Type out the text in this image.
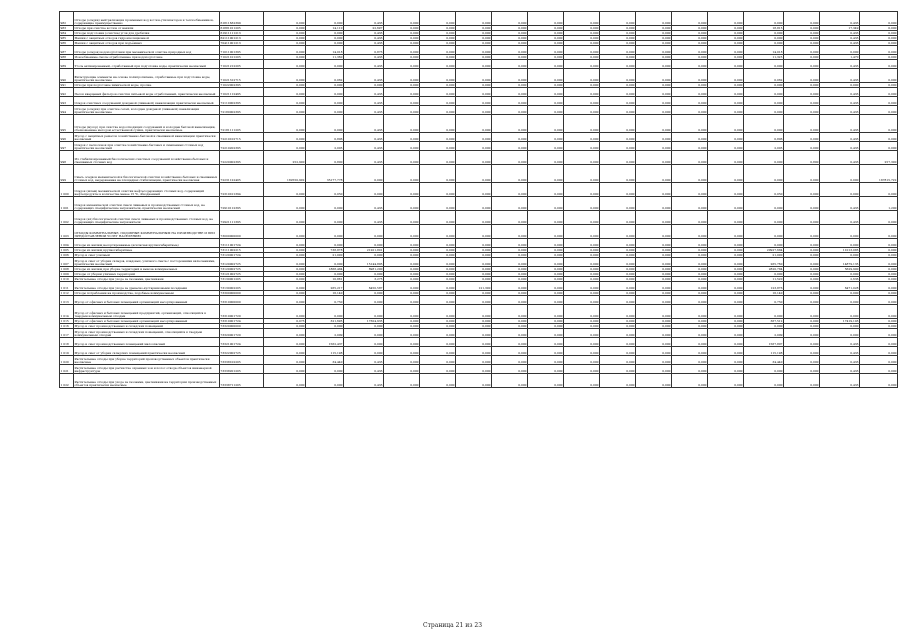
982	Отходы (осадки) нейтрализации промывных вод котлов-утилизаторов и теплообменников, содержащие преимущественно	61811632399	0,000	0,000	0,433	0,000	0,000	0,000	0,000	0,000	0,000	0,000	0,000	0,000	0,000	0,000	0,000	0,433	0,000
983	Отходы при очистке котлов от накипи	61881011205	0,000	14,110	22,697	0,000	0,000	0,000	0,000	0,000	0,000	0,000	0,000	0,000	0,000	18,815	0,000	17,349	0,000
984	Отходы подготовки (очистка) угля для дробилки	61911111213	0,000	0,000	0,433	0,000	0,000	0,000	0,000	0,000	0,000	0,000	0,000	0,000	0,000	0,000	0,000	0,433	0,000
985	Мешки с защитных отходов гидроизоляционной	62111001213	0,000	0,000	0,433	0,000	0,000	0,000	0,000	0,000	0,000	0,000	0,000	0,000	0,000	0,000	0,000	0,433	0,000
986	Мешки с защитных отходов при подъёмных	70411001213	0,000	0,000	0,433	0,000	0,000	0,000	0,000	0,000	0,000	0,000	0,000	0,000	0,000	0,000	0,000	0,433	0,000
987	Отходы (осадок) водоподготовки при механической очистке природных вод	71011001395	0,000	14,018	0,873	0,000	0,000	0,000	0,000	0,000	0,000	0,000	0,000	0,000	0,000	14,018	0,000	0,000	0,000
988	Ионообменные смолы отработанные при водоподготовке	71021101205	0,000	11,360	0,433	0,000	0,000	0,000	0,000	0,000	0,000	0,000	0,000	0,000	0,000	11,325	0,000	1,470	0,000
989	Уголь активированный, отработанный при подготовке воды, практически неопасный	71021212205	0,000	0,000	0,433	0,000	0,000	0,000	0,000	0,000	0,000	0,000	0,000	0,000	0,000	0,000	0,000	0,433	0,000
990	Фильтрующие элементы на основе полипропилена, отработанные при подготовке воды, практически неопасные	71021312715	0,000	0,062	0,433	0,000	0,000	0,000	0,000	0,000	0,000	0,000	0,000	0,000	0,000	0,062	0,000	0,433	0,000
991	Отходы при подготовке химической воды, прочие	71022002395	0,000	0,000	0,000	0,000	0,000	0,000	0,000	0,000	0,000	0,000	0,000	0,000	0,000	0,000	0,000	0,000	0,000
992	Песок кварцевый фильтров очистки питьевой воды отработанный, практически неопасный	71021112495	0,000	0,000	0,433	0,000	0,000	0,000	0,000	0,000	0,000	0,000	0,000	0,000	0,000	0,000	0,000	0,433	0,000
993	Осадок очистных сооружений дождевой (ливневой) канализации практически неопасный	72110002395	0,000	0,000	0,433	0,000	0,000	0,000	0,000	0,000	0,000	0,000	0,000	0,000	0,000	0,000	0,000	0,433	0,000
994	Отходы (осадки) при очистке сетей, колодцев дождевой (ливневой) канализации практически неопасные	72180002395	0,000	0,000	0,433	0,000	0,000	0,000	0,000	0,000	0,000	0,000	0,000	0,000	0,000	0,000	0,000	0,433	0,000
995	Отходы (мусор) при очистке водоотводящих сооружений и колодцев бытовой канализации, обезвоженные методом естественной сушки, практически неопасные	72181111205	0,000	0,000	0,433	0,000	0,000	0,000	0,000	0,000	0,000	0,000	0,000	0,000	0,000	0,000	0,000	0,433	0,000
996	Мусор с защитных решеток хозяйственно-бытовой и смешанной канализации практически неопасный	72210102715	0,000	0,806	0,433	0,000	0,000	0,000	0,000	0,000	0,000	0,000	0,000	0,000	0,000	0,806	0,000	0,433	0,000
997	Осадок с песколовок при очистке хозяйственно-бытовых и смешанных сточных вод практически неопасный	72210202395	0,000	2,005	0,433	0,000	0,000	0,000	0,000	0,000	0,000	0,000	0,000	0,000	0,000	2,005	0,000	0,433	0,000
998	Ил стабилизированный биологических очистных сооружений хозяйственно-бытовых и смешанных сточных вод	72220002395	252,900	0,800	0,433	0,000	0,000	0,000	0,000	0,000	0,000	0,000	0,000	0,000	0,000	0,000	0,800	0,433	257,300
999	Смесь осадков механической и биологической очистки хозяйственно-бытовых и смешанных сточных вод, выдержанная на площадках стабилизации, практически неопасная	72231122405	182550,902	35177,778	0,000	0,000	0,000	0,000	0,000	0,000	0,000	0,000	0,000	0,000	0,000	0,000	0,000	0,000	187815,722
1 000	Осадок (шлам) механической очистки нефтесодержащих сточных вод, содержащий нефтепродукты в количестве менее 15 %, обводненный	72310101394	0,000	0,050	0,000	0,000	0,000	0,000	0,000	0,000	0,000	0,000	0,000	0,000	0,000	0,050	0,000	0,000	0,000
1 001	Осадок механической очистки смеси ливневых и производственных сточных вод, не содержащих специфические загрязнители, практически неопасный	72910112395	0,000	0,000	0,433	0,000	0,000	0,000	0,000	0,000	0,000	0,000	0,000	0,000	0,000	0,000	0,000	0,433	1,200
1 002	Осадок (ил) биологической очистки смеси ливневых и производственных сточных вод, не содержащих специфические загрязнители	72921111395	0,000	0,000	0,433	0,000	0,000	0,000	0,000	0,000	0,000	0,000	0,000	0,000	0,000	0,000	0,000	0,433	0,000
1 003	ОТХОДЫ КОММУНАЛЬНЫЕ, ПОДОБНЫЕ КОММУНАЛЬНЫМ НА ПРОИЗВОДСТВЕ И ПРИ ПРЕДОСТАВЛЕНИИ УСЛУГ НАСЕЛЕНИЮ	73000000000	0,000	0,000	0,000	0,000	0,000	0,000	0,000	0,000	0,000	0,000	0,000	0,000	0,000	0,000	0,000	0,000	0,000
1 004	Отходы из жилищ несортированные (исключая крупногабаритные)	73111001724	0,000	0,000	0,000	0,000	0,000	0,000	0,000	0,000	0,000	0,000	0,000	0,000	0,000	0,000	0,000	0,000	0,000
1 005	Отходы из жилищ крупногабаритные	73111002215	0,000	738,878	21201,801	0,000	0,000	0,000	0,000	0,000	0,000	0,000	0,000	0,000	0,000	20927,684	0,000	11013,085	0,000
1 006	Мусор и смет уличный	73120001724	0,000	21,000	0,000	0,000	0,000	0,000	0,000	0,000	0,000	0,000	0,000	0,000	0,000	21,000	0,000	0,000	0,000
1 007	Мусор и смет от уборки складов, кладовых, уличного смета с посторонними включениями, практически неопасный	73120002725	0,000	0,000	15144,895	0,000	0,000	0,000	0,000	0,000	0,000	0,000	0,000	0,000	0,000	265,760	0,000	14879,135	0,000
1 008	Отходы из жилищ при уборке территорий и вывоза коммунальных	73120002725	0,000	1868,484	6981,200	0,000	0,000	0,000	0,000	0,000	0,000	0,000	0,000	0,000	0,000	2820,784	0,000	5629,900	0,000
1 009	Отходы от уборки уличных территорий	73121002725	0,000	0,000	0,000	0,000	0,000	0,000	0,000	0,000	0,000	0,000	0,000	0,000	0,000	0,000	0,000	0,000	0,000
1 010	Растительные отходы при уходе за газонами, цветниками	73130001205	0,000	10,881	3,275	0,000	0,000	0,000	0,000	0,000	0,000	0,000	0,000	0,000	0,000	11,520	0,000	2,636	0,000
1 011	Растительные отходы при уходе за древесно-кустарниковыми посадками	73130002205	0,000	265,217	6450,587	0,000	0,000	121,300	0,000	0,000	0,000	0,000	0,000	0,000	0,000	123,876	0,000	6471,028	0,000
1 012	Отходы потребления на производстве, подобные коммунальным	73300000000	0,000	16,140	0,000	0,000	0,000	0,000	0,000	0,000	0,000	0,000	0,000	0,000	0,000	16,140	0,000	0,000	0,000
1 013	Мусор от офисных и бытовых помещений организаций несортированный	73310000000	0,000	0,750	0,000	0,000	0,000	0,000	0,000	0,000	0,000	0,000	0,000	0,000	0,000	0,750	0,000	0,000	0,000
1 014	Мусор от офисных и бытовых помещений предприятий, организаций, относящийся к твердым коммунальным отходам	73310001720	0,000	0,000	0,000	0,000	0,000	0,000	0,000	0,000	0,000	0,000	0,000	0,000	0,000	0,000	0,000	0,000	0,000
1 015	Мусор от офисных и бытовых помещений организаций несортированный	73310001724	0,073	321,695	17304,935	0,000	0,000	0,000	0,000	0,000	0,000	0,000	0,000	0,000	0,000	367,512	0,000	17419,103	0,000
1 016	Мусор и смет производственных и складских помещений	73320000000	0,000	0,000	0,000	0,000	0,000	0,000	0,000	0,000	0,000	0,000	0,000	0,000	0,000	0,000	0,000	0,000	0,000
1 017	Мусор и смет производственных и складских помещений, относящийся к твердым коммунальным отходам	73320001720	0,000	2,099	0,000	0,000	0,000	0,000	0,000	0,000	0,000	0,000	0,000	0,000	0,000	2,099	0,000	0,000	0,000
1 018	Мусор и смет производственных помещений малоопасный	73321001724	0,000	1562,437	0,000	0,000	0,000	0,000	0,000	0,000	0,000	0,000	0,000	0,000	0,000	1567,807	0,000	0,433	0,000
1 019	Мусор и смет от уборки складских помещений практически неопасный	73322002725	0,000	115,198	0,000	0,000	0,000	0,000	0,000	0,000	0,000	0,000	0,000	0,000	0,000	115,198	0,000	0,433	0,000
1 020	Растительные отходы при уборке территорий производственных объектов практически неопасные	73338102205	0,000	34,440	0,433	0,000	0,000	0,000	0,000	0,000	0,000	0,000	0,000	0,000	0,000	34,440	0,000	0,433	0,000
1 021	Растительные отходы при расчистке охранных зон и полос отвода объектов инженерной инфраструктуры	73338201205	0,000	0,000	0,433	0,000	0,000	0,000	0,000	0,000	0,000	0,000	0,000	0,000	0,000	0,000	0,000	0,433	0,000
1 022	Растительные отходы при уходе за газонами, цветниками на территории производственных объектов практически неопасные	73338711205	0,000	0,000	0,433	0,000	0,000	0,000	0,000	0,000	0,000	0,000	0,000	0,000	0,000	0,000	0,000	0,433	0,000
Страница 21 из 23
